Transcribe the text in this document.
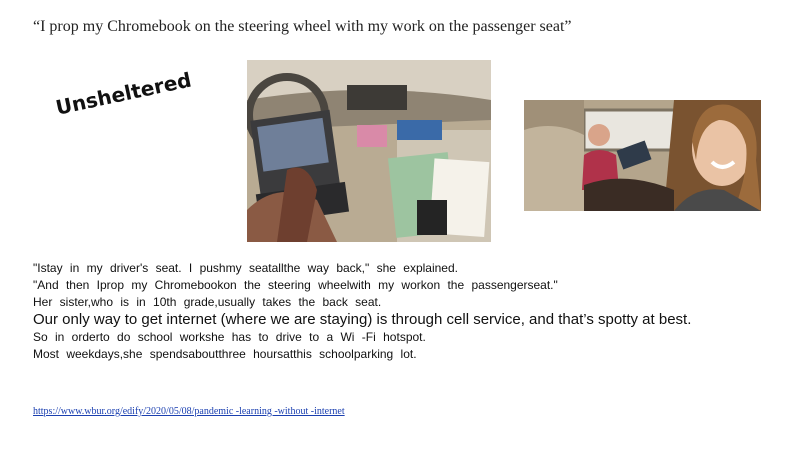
“I prop my Chromebook on the steering wheel with my work on the passenger seat”
Unsheltered
"Istay in my driver's seat. I pushmy seatallthe way back," she explained.
"And then Iprop my Chromebookon the steering wheelwith my workon the passengerseat."
Her sister,who is in 10th grade,usually takes the back seat.
Our only way to get internet (where we are staying) is through cell service, and that’s spotty at best.
So in orderto do school workshe has to drive to a Wi -Fi hotspot.
Most weekdays,she spendsaboutthree hoursatthis schoolparking lot.
https://www.wbur.org/edify/2020/05/08/pandemic -learning -without -internet
